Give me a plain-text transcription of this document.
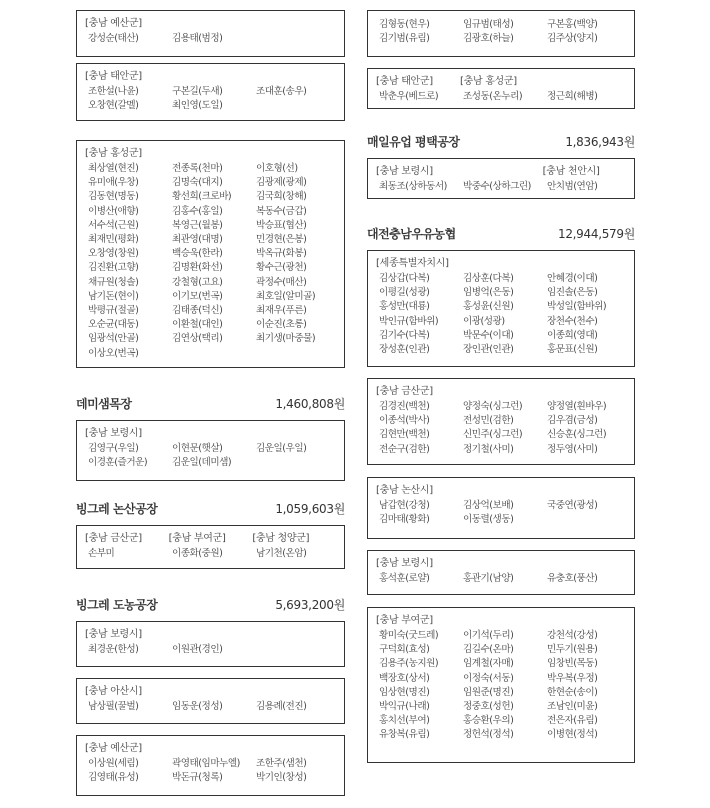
[충남 예산군]
강성순(태산)	김용태(범정)
[충남 태안군]
조한설(나윤)	구본길(두새)	조대훈(송우)
오창현(갈멜)	최인영(도일)
[충남 홍성군]
최상열(현진)	전종록(천마)	이호형(선)
유미애(우창)	김명숙(대지)	김광제(광제)
김동현(명동)	황선희(크로바)	김국희(창해)
이병산(애향)	김홍수(홍일)	복동수(금갑)
서수석(근원)	복영근(월봉)	박승표(협산)
최재민(평화)	최관영(대명)	민경현(은봉)
오창영(창원)	백승욱(한라)	박옥규(화봉)
김진환(고향)	김명환(화선)	황수근(광천)
채규원(청솔)	강철형(고요)	곽정수(매산)
남기돈(현이)	이기모(번곡)	최호일(알미골)
박평규(절골)	김태종(덕신)	최재우(푸른)
오순균(대동)	이환철(대인)	이순진(초롱)
임광석(안골)	김연상(택리)	최기생(마중물)
이상오(번곡)
데미샘목장	1,460,808원
[충남 보령시]
김영구(우일)	이현문(햇살)	김운일(우일)
이경훈(즐거운)	김운일(데미샘)
빙그레 논산공장	1,059,603원
[충남 금산군]	[충남 부여군]	[충남 청양군]
손부미	이종화(중원)	남기천(온암)
빙그레 도농공장	5,693,200원
[충남 보령시]
최경운(한성)	이원관(경인)
[충남 아산시]
남상필(꿀벌)	임동운(정성)	김용례(전진)
[충남 예산군]
이상원(세림)	곽영태(임마누엘)	조한주(샘천)
김영태(유성)	박돈규(청록)	박기인(창성)
김형동(현우)	임규범(태성)	구본홍(백양)
김기범(유림)	김광호(하늘)	김주상(양지)
[충남 태안군]	[충남 홍성군]
박춘우(베드로)	조성동(온누리)	정근희(해병)
매일유업 평택공장	1,836,943원
[충남 보령시]	[충남 천안시]
최동조(상하동서)	박중수(상하그린)	안치범(연암)
대전충남우유농협	12,944,579원
[세종특별자치시]
김상갑(다복)	김상훈(다복)	안혜경(이대)
이평길(성광)	임병억(은동)	임진솔(은동)
홍성만(대룡)	홍성윤(신원)	박성일(함바위)
박인규(함바위)	이광(성광)	장천수(천수)
김기수(다복)	박문수(이대)	이종희(영대)
장성훈(인관)	장인관(인관)	홍문표(신원)
[충남 금산군]
김경진(백천)	양정숙(싱그런)	양정열(흰바우)
이종석(박사)	전성민(검한)	김우겸(금성)
김현만(백천)	신민주(싱그런)	신승훈(싱그런)
전순구(검한)	정기철(사미)	정두영(사미)
[충남 논산시]
남갑현(강청)	김상억(보배)	국중연(광성)
김마태(황화)	이동렬(생동)
[충남 보령시]
홍석훈(로얄)	홍관기(남양)	유충호(풍산)
[충남 부여군]
황미숙(굿드레)	이기석(두리)	강천석(강성)
구덕회(효성)	김길수(온마)	민두기(원용)
김용주(농지원)	임계철(자매)	임창빈(목동)
백장호(상서)	이정숙(서동)	박우복(우정)
임상현(명진)	임원준(명진)	한현순(송이)
박익규(나래)	정중호(성헌)	조남인(미윤)
홍치선(부여)	홍승환(우의)	전은자(유림)
유창복(유림)	정헌석(정석)	이병현(정석)
